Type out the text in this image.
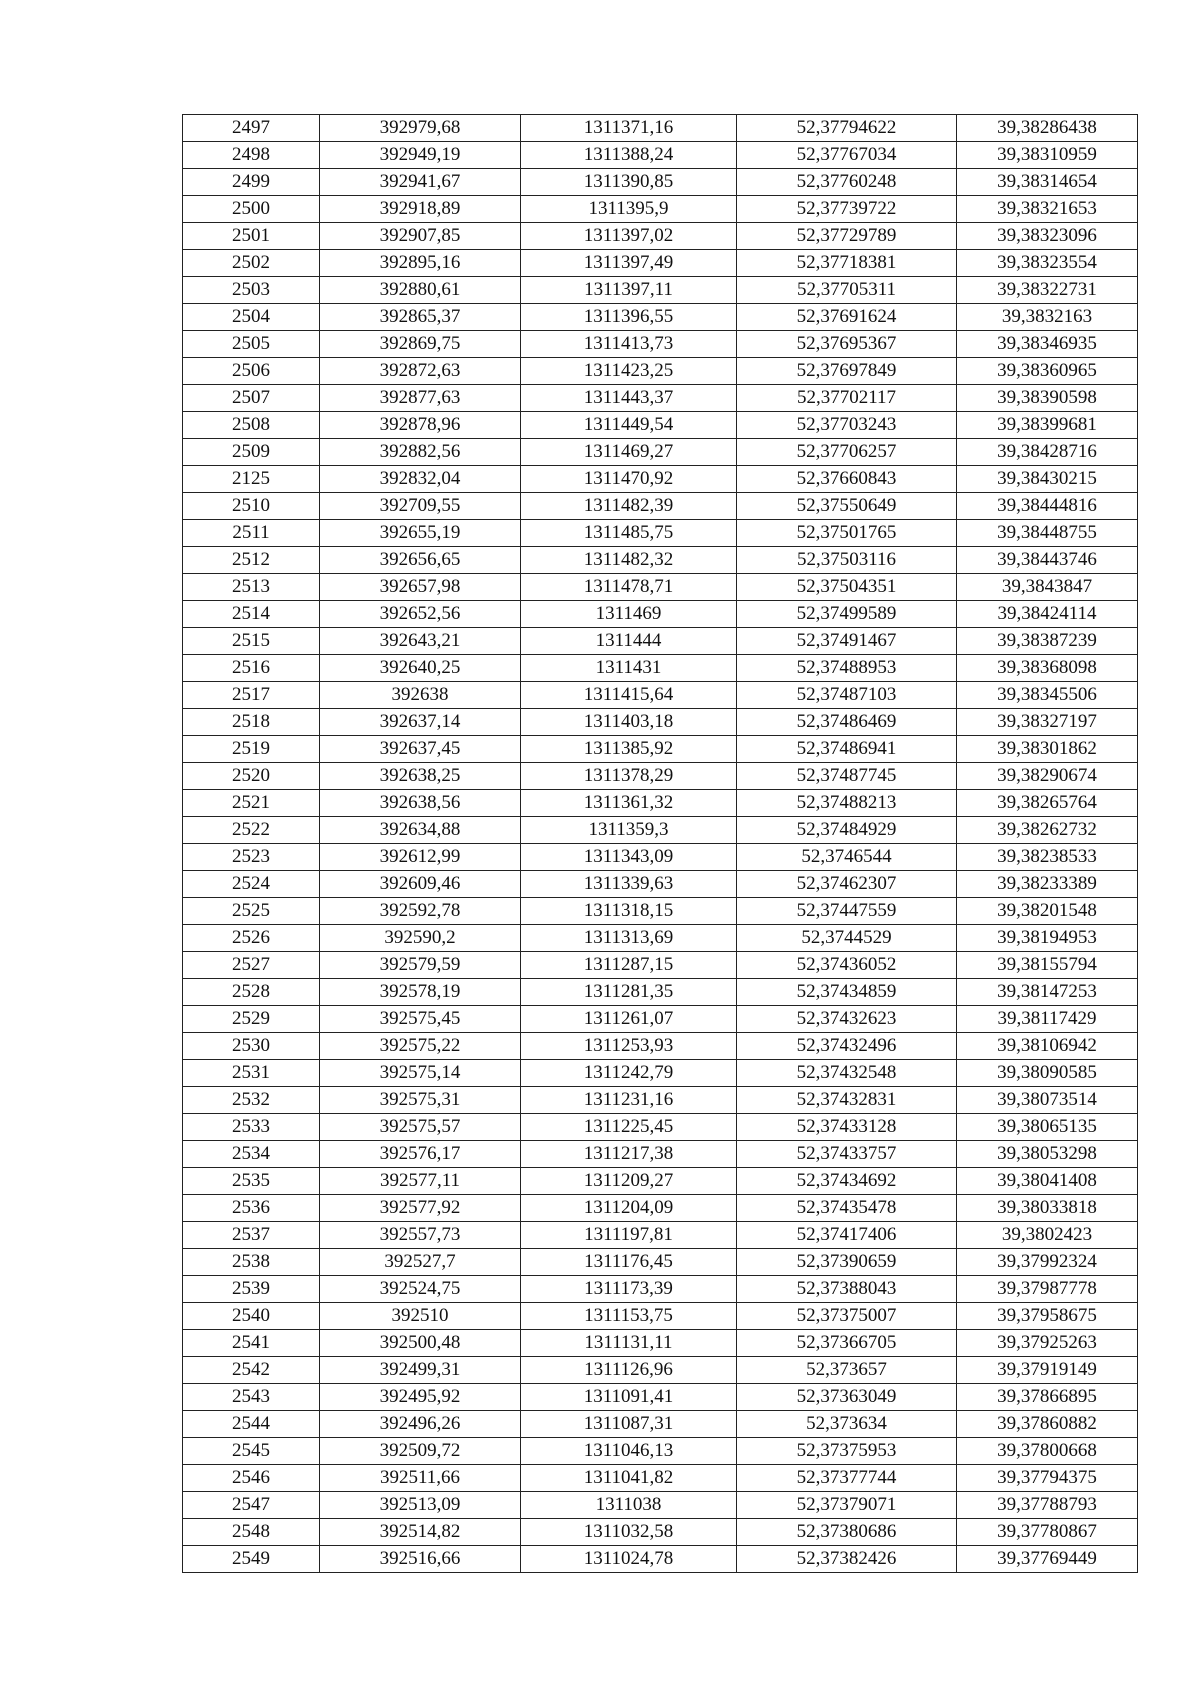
2497	392979,68	1311371,16	52,37794622	39,38286438
2498	392949,19	1311388,24	52,37767034	39,38310959
2499	392941,67	1311390,85	52,37760248	39,38314654
2500	392918,89	1311395,9	52,37739722	39,38321653
2501	392907,85	1311397,02	52,37729789	39,38323096
2502	392895,16	1311397,49	52,37718381	39,38323554
2503	392880,61	1311397,11	52,37705311	39,38322731
2504	392865,37	1311396,55	52,37691624	39,3832163
2505	392869,75	1311413,73	52,37695367	39,38346935
2506	392872,63	1311423,25	52,37697849	39,38360965
2507	392877,63	1311443,37	52,37702117	39,38390598
2508	392878,96	1311449,54	52,37703243	39,38399681
2509	392882,56	1311469,27	52,37706257	39,38428716
2125	392832,04	1311470,92	52,37660843	39,38430215
2510	392709,55	1311482,39	52,37550649	39,38444816
2511	392655,19	1311485,75	52,37501765	39,38448755
2512	392656,65	1311482,32	52,37503116	39,38443746
2513	392657,98	1311478,71	52,37504351	39,3843847
2514	392652,56	1311469	52,37499589	39,38424114
2515	392643,21	1311444	52,37491467	39,38387239
2516	392640,25	1311431	52,37488953	39,38368098
2517	392638	1311415,64	52,37487103	39,38345506
2518	392637,14	1311403,18	52,37486469	39,38327197
2519	392637,45	1311385,92	52,37486941	39,38301862
2520	392638,25	1311378,29	52,37487745	39,38290674
2521	392638,56	1311361,32	52,37488213	39,38265764
2522	392634,88	1311359,3	52,37484929	39,38262732
2523	392612,99	1311343,09	52,3746544	39,38238533
2524	392609,46	1311339,63	52,37462307	39,38233389
2525	392592,78	1311318,15	52,37447559	39,38201548
2526	392590,2	1311313,69	52,3744529	39,38194953
2527	392579,59	1311287,15	52,37436052	39,38155794
2528	392578,19	1311281,35	52,37434859	39,38147253
2529	392575,45	1311261,07	52,37432623	39,38117429
2530	392575,22	1311253,93	52,37432496	39,38106942
2531	392575,14	1311242,79	52,37432548	39,38090585
2532	392575,31	1311231,16	52,37432831	39,38073514
2533	392575,57	1311225,45	52,37433128	39,38065135
2534	392576,17	1311217,38	52,37433757	39,38053298
2535	392577,11	1311209,27	52,37434692	39,38041408
2536	392577,92	1311204,09	52,37435478	39,38033818
2537	392557,73	1311197,81	52,37417406	39,3802423
2538	392527,7	1311176,45	52,37390659	39,37992324
2539	392524,75	1311173,39	52,37388043	39,37987778
2540	392510	1311153,75	52,37375007	39,37958675
2541	392500,48	1311131,11	52,37366705	39,37925263
2542	392499,31	1311126,96	52,373657	39,37919149
2543	392495,92	1311091,41	52,37363049	39,37866895
2544	392496,26	1311087,31	52,373634	39,37860882
2545	392509,72	1311046,13	52,37375953	39,37800668
2546	392511,66	1311041,82	52,37377744	39,37794375
2547	392513,09	1311038	52,37379071	39,37788793
2548	392514,82	1311032,58	52,37380686	39,37780867
2549	392516,66	1311024,78	52,37382426	39,37769449
